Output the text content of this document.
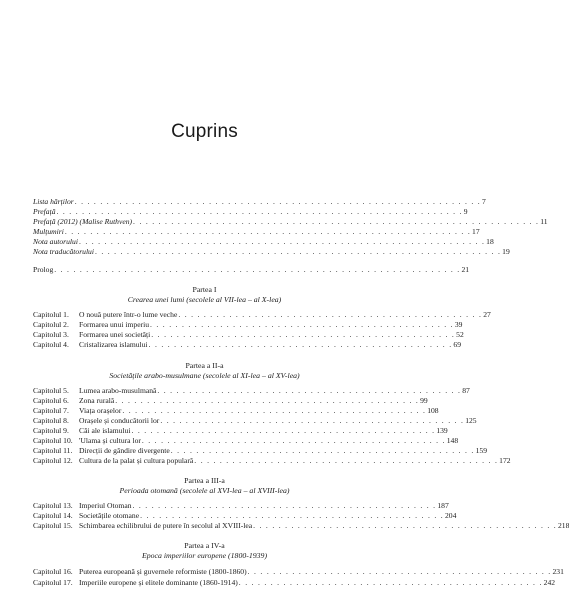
Cuprins
Lista hărților . . . . . . . . . . . . . . . . . . . . . . . . . . . . . . . . . . . . . . . . . . . . . . . . . . . . . . . . . . . . . . . . 7
Prefață . . . . . . . . . . . . . . . . . . . . . . . . . . . . . . . . . . . . . . . . . . . . . . . . . . . . . . . . . . . . . . . . 9
Prefață (2012) (Malise Ruthven) . . . . . . . . . . . . . . . . . . . . . . . . . . . . . . . . . . . . . . . . . . . . . . . . . . . . . . . . . . . . . . . . 11
Mulțumiri . . . . . . . . . . . . . . . . . . . . . . . . . . . . . . . . . . . . . . . . . . . . . . . . . . . . . . . . . . . . . . . . 17
Nota autorului . . . . . . . . . . . . . . . . . . . . . . . . . . . . . . . . . . . . . . . . . . . . . . . . . . . . . . . . . . . . . . . . 18
Nota traducătorului . . . . . . . . . . . . . . . . . . . . . . . . . . . . . . . . . . . . . . . . . . . . . . . . . . . . . . . . . . . . . . . . 19
Prolog . . . . . . . . . . . . . . . . . . . . . . . . . . . . . . . . . . . . . . . . . . . . . . . . . . . . . . . . . . . . . . . . 21
Partea I
Crearea unei lumi (secolele al VII-lea – al X-lea)
Capitolul 1.	O nouă putere într-o lume veche . . . . . . . . . . . . . . . . . . . . . . . . . . . . . . . . . . . . . . . . . . . . . . . . 27
Capitolul 2.	Formarea unui imperiu . . . . . . . . . . . . . . . . . . . . . . . . . . . . . . . . . . . . . . . . . . . . . . . . 39
Capitolul 3.	Formarea unei societăți . . . . . . . . . . . . . . . . . . . . . . . . . . . . . . . . . . . . . . . . . . . . . . . . 52
Capitolul 4.	Cristalizarea islamului . . . . . . . . . . . . . . . . . . . . . . . . . . . . . . . . . . . . . . . . . . . . . . . . 69
Partea a II-a
Societățile arabo-musulmane (secolele al XI-lea – al XV-lea)
Capitolul 5.	Lumea arabo-musulmană . . . . . . . . . . . . . . . . . . . . . . . . . . . . . . . . . . . . . . . . . . . . . . . . 87
Capitolul 6.	Zona rurală . . . . . . . . . . . . . . . . . . . . . . . . . . . . . . . . . . . . . . . . . . . . . . . . 99
Capitolul 7.	Viața orașelor . . . . . . . . . . . . . . . . . . . . . . . . . . . . . . . . . . . . . . . . . . . . . . . . 108
Capitolul 8.	Orașele și conducătorii lor . . . . . . . . . . . . . . . . . . . . . . . . . . . . . . . . . . . . . . . . . . . . . . . . 125
Capitolul 9.	Căi ale islamului . . . . . . . . . . . . . . . . . . . . . . . . . . . . . . . . . . . . . . . . . . . . . . . . 139
Capitolul 10. 'Ulama și cultura lor . . . . . . . . . . . . . . . . . . . . . . . . . . . . . . . . . . . . . . . . . . . . . . . . 148
Capitolul 11. Direcții de gândire divergente . . . . . . . . . . . . . . . . . . . . . . . . . . . . . . . . . . . . . . . . . . . . . . . . 159
Capitolul 12. Cultura de la palat și cultura populară . . . . . . . . . . . . . . . . . . . . . . . . . . . . . . . . . . . . . . . . . . . . . . . . 172
Partea a III-a
Perioada otomană (secolele al XVI-lea – al XVIII-lea)
Capitolul 13. Imperiul Otoman . . . . . . . . . . . . . . . . . . . . . . . . . . . . . . . . . . . . . . . . . . . . . . . . 187
Capitolul 14. Societățile otomane . . . . . . . . . . . . . . . . . . . . . . . . . . . . . . . . . . . . . . . . . . . . . . . . 204
Capitolul 15. Schimbarea echilibrului de putere în secolul al XVIII-lea . . . . . . . . . . . . . . . . . . . . . . . . . . . . . . . . . . . . . . . . . . . . . . . . 218
Partea a IV-a
Epoca imperiilor europene (1800-1939)
Capitolul 16. Puterea europeană și guvernele reformiste (1800-1860) . . . . . . . . . . . . . . . . . . . . . . . . . . . . . . . . . . . . . . . . . . . . . . . . 231
Capitolul 17. Imperiile europene și elitele dominante (1860-1914) . . . . . . . . . . . . . . . . . . . . . . . . . . . . . . . . . . . . . . . . . . . . . . . . 242
